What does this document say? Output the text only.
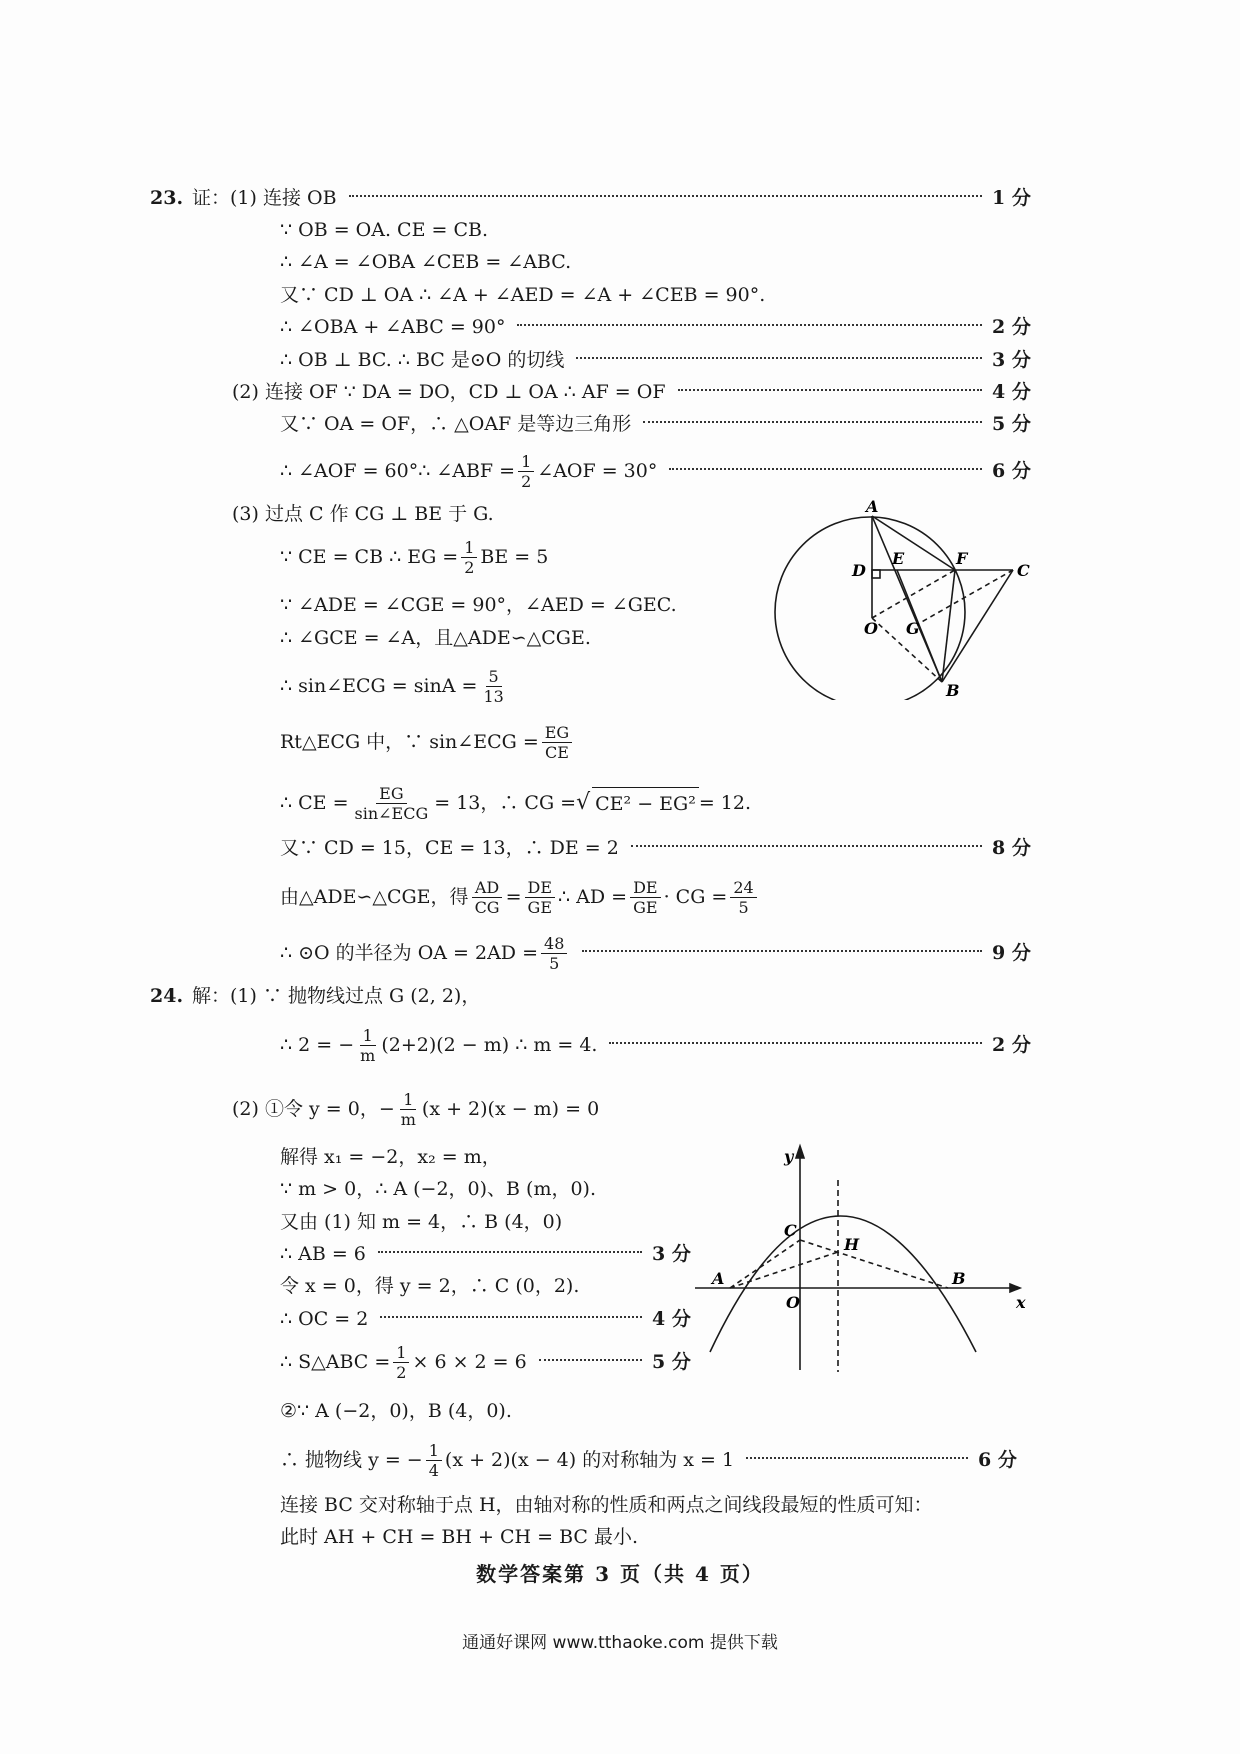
23. 证：(1) 连接 OB	1 分
∵ OB = OA. CE = CB.
∴ ∠A = ∠OBA ∠CEB = ∠ABC.
又∵ CD ⊥ OA ∴ ∠A + ∠AED = ∠A + ∠CEB = 90°.
∴ ∠OBA + ∠ABC = 90°	2 分
∴ OB ⊥ BC. ∴ BC 是⊙O 的切线	3 分
(2) 连接 OF ∵ DA = DO，CD ⊥ OA ∴ AF = OF	4 分
又∵ OA = OF，∴ △OAF 是等边三角形	5 分
∴ ∠AOF = 60°∴ ∠ABF = $\frac{1}{2}$ ∠AOF = 30°	6 分
(3) 过点 C 作 CG ⊥ BE 于 G.
∵ CE = CB ∴ EG = $\frac{1}{2}$ BE = 5
∵ ∠ADE = ∠CGE = 90°，∠AED = ∠GEC.
∴ ∠GCE = ∠A，且△ADE∽△CGE.
∴ sin∠ECG = $\sin A = \frac{5}{13}$
Rt△ECG 中，∵ sin∠ECG = $\frac{EG}{CE}$
∴ CE = $\frac{EG}{\text{sin∠ECG}} = 13$，∴ CG = √ CE² − EG² = 12.
又∵ CD = 15，CE = 13，∴ DE = 2	8 分
由△ADE∽△CGE，得 $\frac{AD}{CG} = \frac{DE}{GE}$ ∴ AD = $\frac{DE}{GE}$ · CG = $\frac{24}{5}$
∴ ⊙O 的半径为 OA = $2AD = \frac{48}{5}$	9 分
A
D
E	F
C
O G
B
24. 解：(1) ∵ 抛物线过点 G (2, 2)，
∴ 2 = − $\frac{1}{m} (2+2)(2 - m)$ ∴ m = 4.	2 分
(2) ①令 y = 0，− $\frac{1}{m} (x + 2)(x - m) = 0$
解得 x₁ = −2，x₂ = m，
∵ m > 0，∴ A (−2，0)、B (m，0).
又由 (1) 知 m = 4，∴ B (4，0)
∴ AB = 6	3 分
令 x = 0，得 y = 2，∴ C (0，2).
∴ OC = 2	4 分
∴ S△ABC = $\frac{1}{2} \times 6 \times 2 = 6$	5 分
②∵ A (−2，0)，B (4，0).
∴ 抛物线 y = − $\frac{1}{4} (x + 2)(x - 4)$ 的对称轴为 x = 1	6 分
连接 BC 交对称轴于点 H，由轴对称的性质和两点之间线段最短的性质可知：
此时 AH + CH = BH + CH = BC 最小.
y
x
C
H
A
O
B
数学答案第 3 页（共 4 页）
通通好课网 www.tthaoke.com 提供下载
